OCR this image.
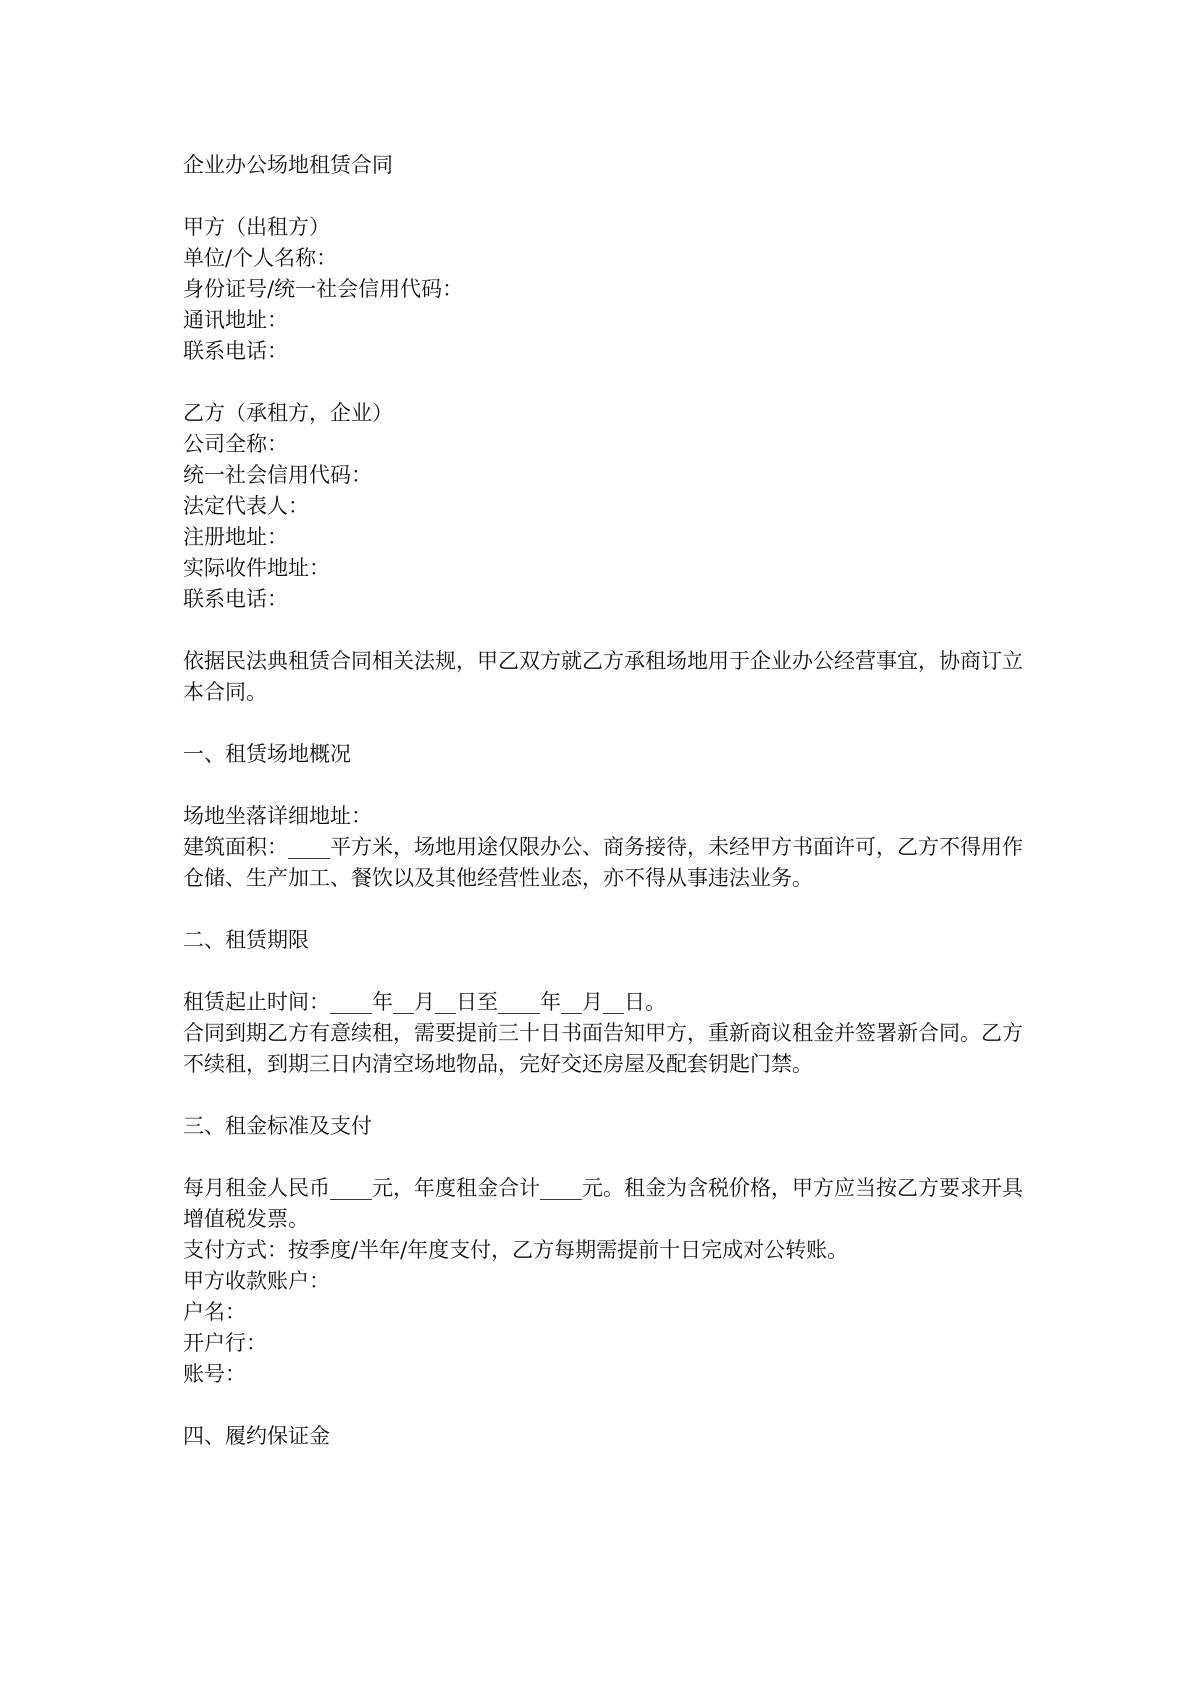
企业办公场地租赁合同
甲方（出租方）
单位/个人名称：
身份证号/统一社会信用代码：
通讯地址：
联系电话：
乙方（承租方，企业）
公司全称：
统一社会信用代码：
法定代表人：
注册地址：
实际收件地址：
联系电话：

依据民法典租赁合同相关法规，甲乙双方就乙方承租场地用于企业办公经营事宜，协商订立本合同。

一、租赁场地概况
场地坐落详细地址：

建筑面积：____平方米，场地用途仅限办公、商务接待，未经甲方书面许可，乙方不得用作仓储、生产加工、餐饮以及其他经营性业态，亦不得从事违法业务。

二、租赁期限
租赁起止时间：____年__月__日至____年__月__日。

合同到期乙方有意续租，需要提前三十日书面告知甲方，重新商议租金并签署新合同。乙方不续租，到期三日内清空场地物品，完好交还房屋及配套钥匙门禁。

三、租金标准及支付

每月租金人民币____元，年度租金合计____元。租金为含税价格，甲方应当按乙方要求开具增值税发票。

支付方式：按季度/半年/年度支付，乙方每期需提前十日完成对公转账。
甲方收款账户：
户名：
开户行：
账号：
四、履约保证金
